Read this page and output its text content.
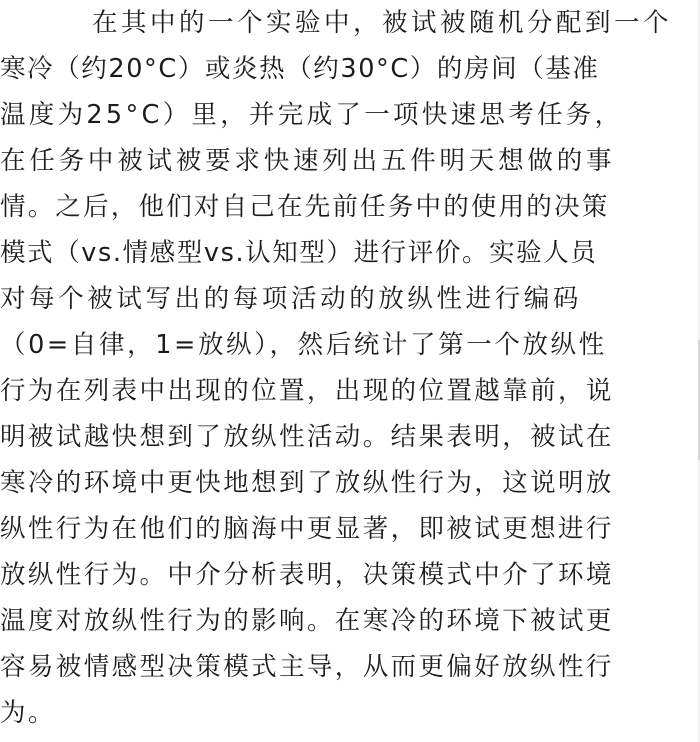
在其中的一个实验中，被试被随机分配到一个
寒冷（约20°C）或炎热（约30°C）的房间（基准
温度为25°C）里，并完成了一项快速思考任务，
在任务中被试被要求快速列出五件明天想做的事
情。之后，他们对自己在先前任务中的使用的决策
模式（vs.情感型vs.认知型）进行评价。实验人员
对每个被试写出的每项活动的放纵性进行编码
（0=自律，1=放纵），然后统计了第一个放纵性
行为在列表中出现的位置，出现的位置越靠前，说
明被试越快想到了放纵性活动。结果表明，被试在
寒冷的环境中更快地想到了放纵性行为，这说明放
纵性行为在他们的脑海中更显著，即被试更想进行
放纵性行为。中介分析表明，决策模式中介了环境
温度对放纵性行为的影响。在寒冷的环境下被试更
容易被情感型决策模式主导，从而更偏好放纵性行
为。
